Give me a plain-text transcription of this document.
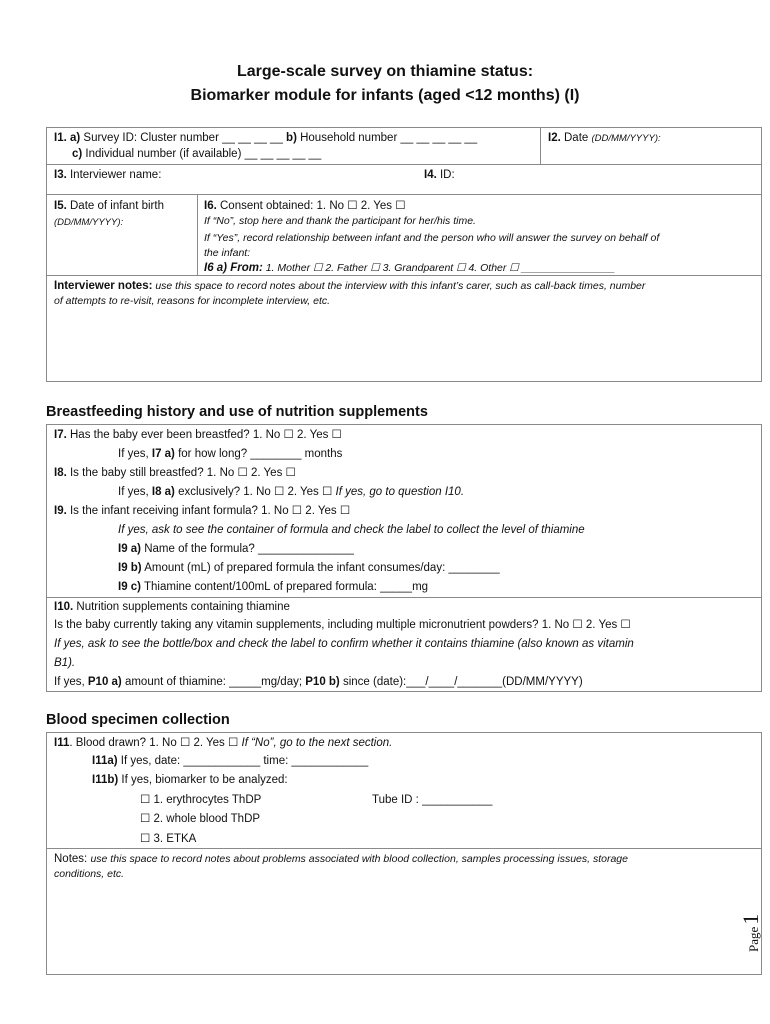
Large-scale survey on thiamine status:
Biomarker module for infants (aged <12 months) (I)
I1. a) Survey ID: Cluster number __ __ __ __ b) Household number __ __ __ __ __
c) Individual number (if available) __ __ __ __ __
I2. Date (DD/MM/YYYY):
I3. Interviewer name:	I4. ID:
I5. Date of infant birth
(DD/MM/YYYY):
I6. Consent obtained: 1. No ☐ 2. Yes ☐
If “No”, stop here and thank the participant for her/his time.
If “Yes”, record relationship between infant and the person who will answer the survey on behalf of
the infant:
I6 a) From: 1. Mother ☐ 2. Father ☐ 3. Grandparent ☐ 4. Other ☐ ________________
Interviewer notes: use this space to record notes about the interview with this infant’s carer, such as call-back times, number
of attempts to re-visit, reasons for incomplete interview, etc.
Breastfeeding history and use of nutrition supplements
I7. Has the baby ever been breastfed? 1. No ☐ 2. Yes ☐
If yes, I7 a) for how long? ________ months
I8. Is the baby still breastfed? 1. No ☐ 2. Yes ☐
If yes, I8 a) exclusively? 1. No ☐ 2. Yes ☐ If yes, go to question I10.
I9. Is the infant receiving infant formula? 1. No ☐ 2. Yes ☐
If yes, ask to see the container of formula and check the label to collect the level of thiamine
I9 a) Name of the formula? _______________
I9 b) Amount (mL) of prepared formula the infant consumes/day: ________
I9 c) Thiamine content/100mL of prepared formula: _____mg
I10. Nutrition supplements containing thiamine
Is the baby currently taking any vitamin supplements, including multiple micronutrient powders? 1. No ☐ 2. Yes ☐
If yes, ask to see the bottle/box and check the label to confirm whether it contains thiamine (also known as vitamin
B1).
If yes, P10 a) amount of thiamine: _____mg/day; P10 b) since (date):___/____/_______(DD/MM/YYYY)
Blood specimen collection
I11. Blood drawn? 1. No ☐ 2. Yes ☐ If “No”, go to the next section.
I11a) If yes, date: ____________ time: ____________
I11b) If yes, biomarker to be analyzed:
☐ 1. erythrocytes ThDP	Tube ID : ___________
☐ 2. whole blood ThDP
☐ 3. ETKA
Notes: use this space to record notes about problems associated with blood collection, samples processing issues, storage
conditions, etc.
Page1
